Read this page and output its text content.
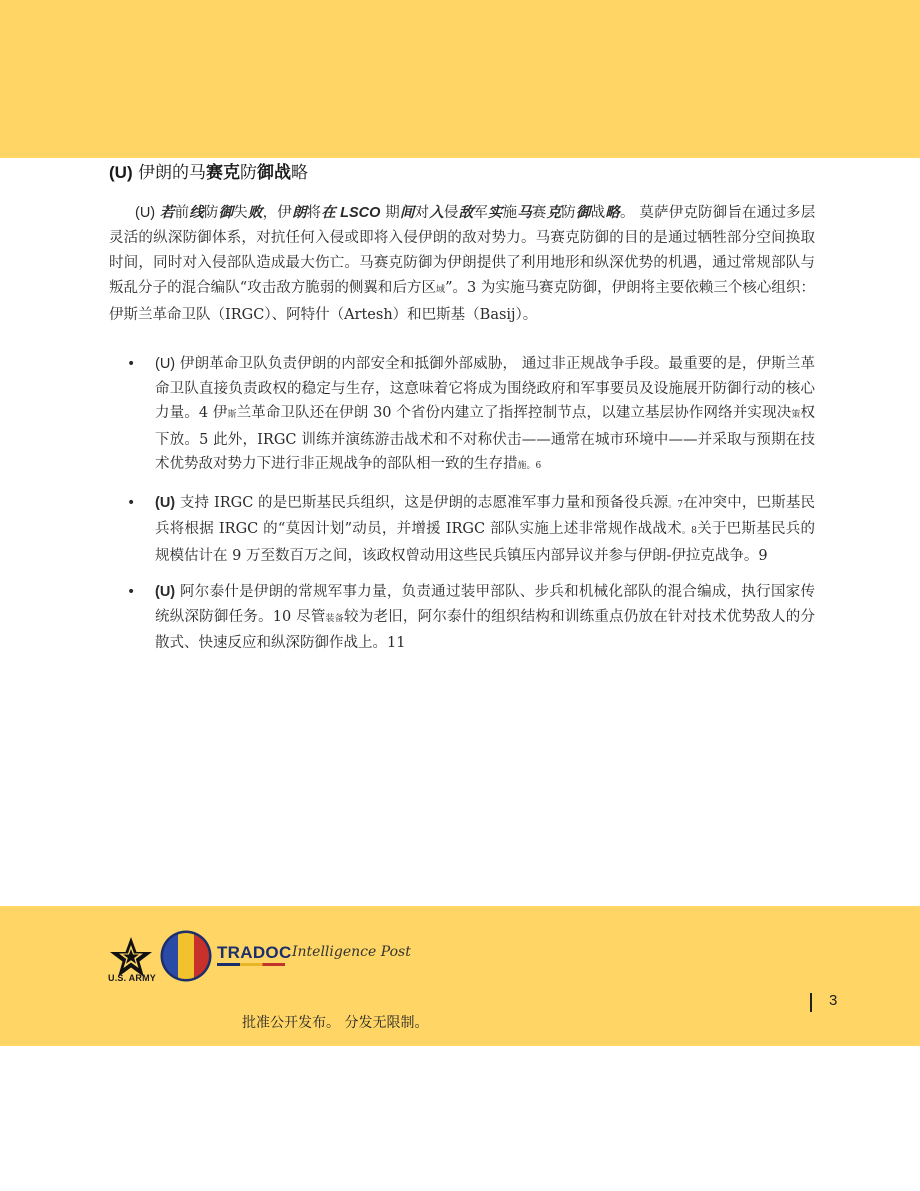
(U) 伊朗的马赛克防御战略

(U) 若前线防御失败，伊朗将在 LSCO 期间对入侵敌军实施马赛克防御战略。 莫萨伊克防御旨在通过多层灵活的纵深防御体系，对抗任何入侵或即将入侵伊朗的敌对势力。马赛克防御的目的是通过牺牲部分空间换取时间，同时对入侵部队造成最大伤亡。马赛克防御为伊朗提供了利用地形和纵深优势的机遇，通过常规部队与叛乱分子的混合编队“攻击敌方脆弱的侧翼和后方区域”。3 为实施马赛克防御，伊朗将主要依赖三个核心组织：伊斯兰革命卫队（IRGC）、阿特什（Artesh）和巴斯基（Basij）。

• (U) 伊朗革命卫队负责伊朗的内部安全和抵御外部威胁， 通过非正规战争手段。最重要的是，伊斯兰革命卫队直接负责政权的稳定与生存，这意味着它将成为围绕政府和军事要员及设施展开防御行动的核心力量。4 伊斯兰革命卫队还在伊朗 30 个省份内建立了指挥控制节点，以建立基层协作网络并实现决策权下放。5 此外，IRGC 训练并演练游击战术和不对称伏击——通常在城市环境中——并采取与预期在技术优势敌对势力下进行非正规战争的部队相一致的生存措施。6
• (U) 支持 IRGC 的是巴斯基民兵组织，这是伊朗的志愿准军事力量和预备役兵源。7在冲突中，巴斯基民兵将根据 IRGC 的“莫因计划”动员，并增援 IRGC 部队实施上述非常规作战战术。8关于巴斯基民兵的规模估计在 9 万至数百万之间，该政权曾动用这些民兵镇压内部异议并参与伊朗-伊拉克战争。9
• (U) 阿尔泰什是伊朗的常规军事力量，负责通过装甲部队、步兵和机械化部队的混合编成，执行国家传统纵深防御任务。10 尽管装备较为老旧，阿尔泰什的组织结构和训练重点仍放在针对技术优势敌人的分散式、快速反应和纵深防御作战上。11
U.S. ARMY
TRADOC Intelligence Post
3
批准公开发布。 分发无限制。
